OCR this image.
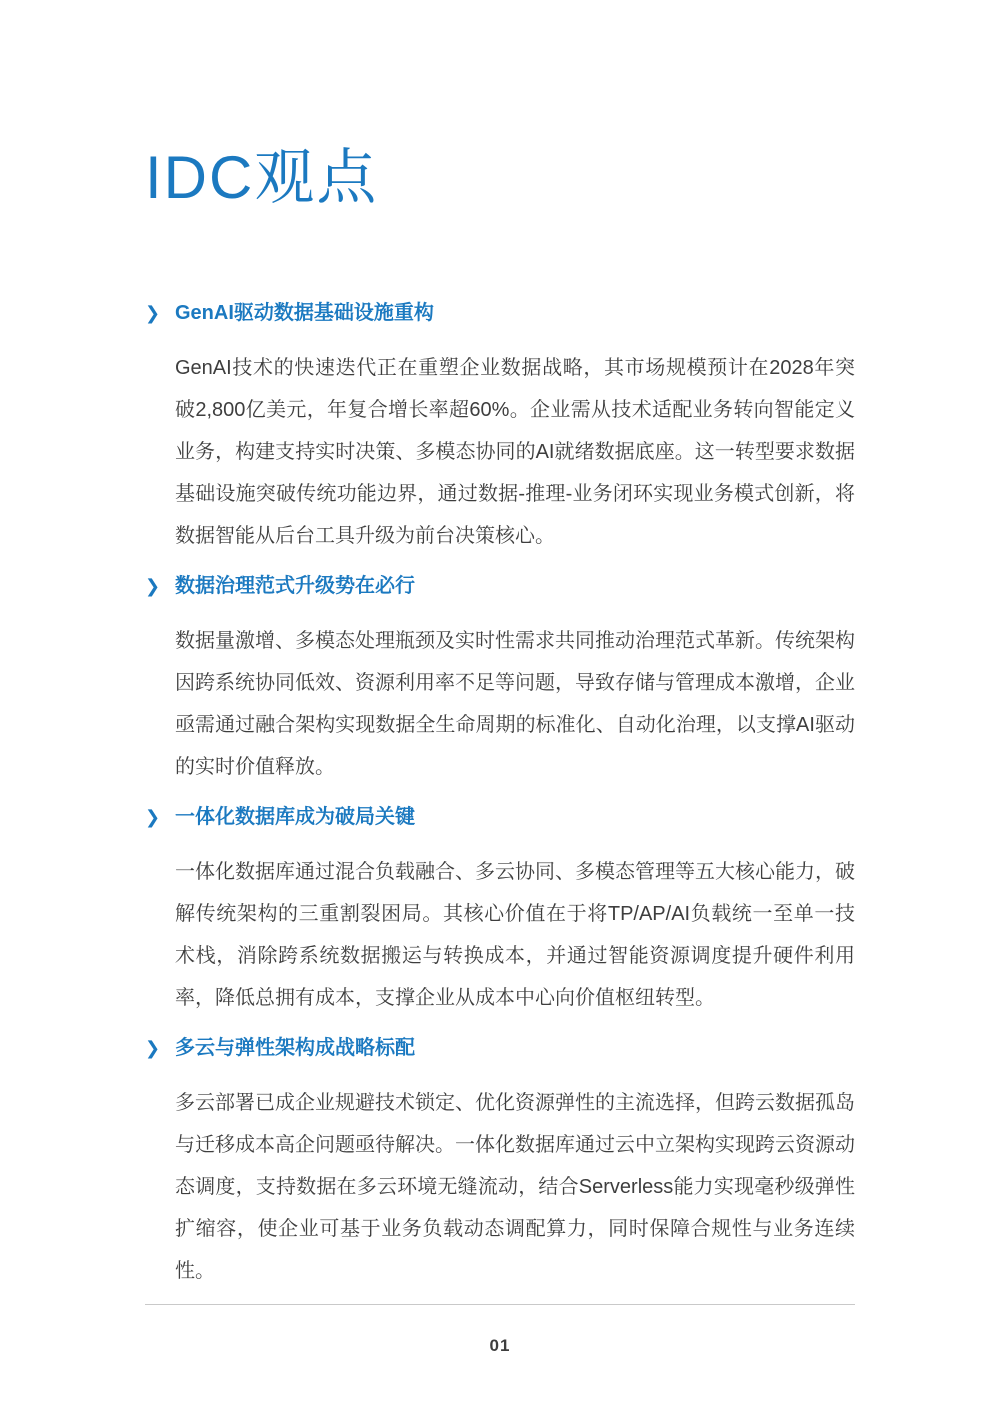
IDC观点
❯ GenAI驱动数据基础设施重构

GenAI技术的快速迭代正在重塑企业数据战略，其市场规模预计在2028年突破2,800亿美元，年复合增长率超60%。企业需从技术适配业务转向智能定义业务，构建支持实时决策、多模态协同的AI就绪数据底座。这一转型要求数据基础设施突破传统功能边界，通过数据-推理-业务闭环实现业务模式创新，将数据智能从后台工具升级为前台决策核心。

❯ 数据治理范式升级势在必行

数据量激增、多模态处理瓶颈及实时性需求共同推动治理范式革新。传统架构因跨系统协同低效、资源利用率不足等问题，导致存储与管理成本激增，企业亟需通过融合架构实现数据全生命周期的标准化、自动化治理，以支撑AI驱动的实时价值释放。

❯ 一体化数据库成为破局关键

一体化数据库通过混合负载融合、多云协同、多模态管理等五大核心能力，破解传统架构的三重割裂困局。其核心价值在于将TP/AP/AI负载统一至单一技术栈，消除跨系统数据搬运与转换成本，并通过智能资源调度提升硬件利用率，降低总拥有成本，支撑企业从成本中心向价值枢纽转型。

❯ 多云与弹性架构成战略标配

多云部署已成企业规避技术锁定、优化资源弹性的主流选择，但跨云数据孤岛与迁移成本高企问题亟待解决。一体化数据库通过云中立架构实现跨云资源动态调度，支持数据在多云环境无缝流动，结合Serverless能力实现毫秒级弹性扩缩容，使企业可基于业务负载动态调配算力，同时保障合规性与业务连续性。

01
